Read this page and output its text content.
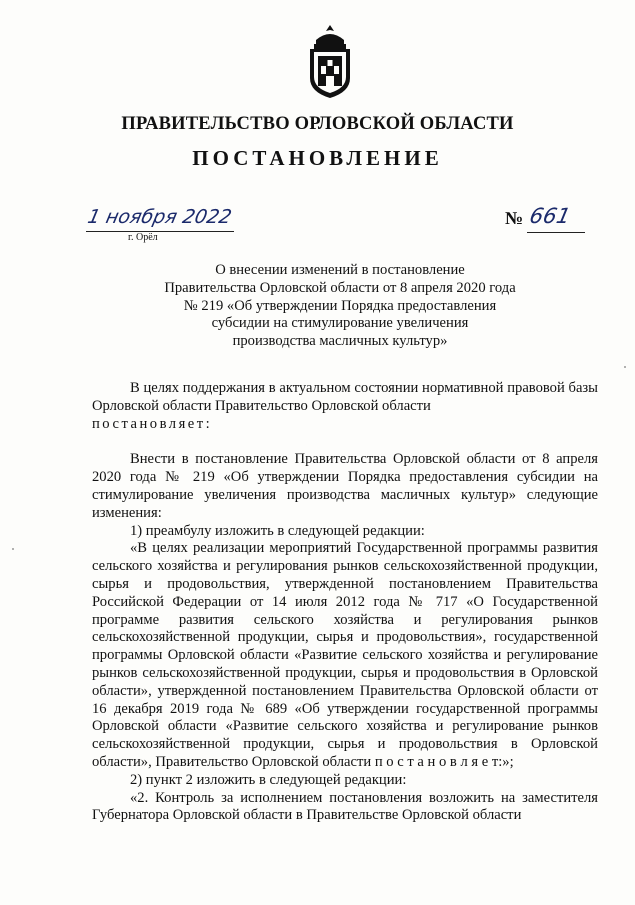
ПРАВИТЕЛЬСТВО ОРЛОВСКОЙ ОБЛАСТИ
ПОСТАНОВЛЕНИЕ
1 ноября 2022
г. Орёл
№ 661
О внесении изменений в постановление
Правительства Орловской области от 8 апреля 2020 года
№ 219 «Об утверждении Порядка предоставления
субсидии на стимулирование увеличения
производства масличных культур»

В целях поддержания в актуальном состоянии нормативной правовой базы Орловской области Правительство Орловской области
постановляет:

Внести в постановление Правительства Орловской области от 8 апреля 2020 года № 219 «Об утверждении Порядка предоставления субсидии на стимулирование увеличения производства масличных культур» следующие изменения:

1) преамбулу изложить в следующей редакции:

«В целях реализации мероприятий Государственной программы развития сельского хозяйства и регулирования рынков сельскохозяйственной продукции, сырья и продовольствия, утвержденной постановлением Правительства Российской Федерации от 14 июля 2012 года № 717 «О Государственной программе развития сельского хозяйства и регулирования рынков сельскохозяйственной продукции, сырья и продовольствия», государственной программы Орловской области «Развитие сельского хозяйства и регулирование рынков сельскохозяйственной продукции, сырья и продовольствия в Орловской области», утвержденной постановлением Правительства Орловской области от 16 декабря 2019 года № 689 «Об утверждении государственной программы Орловской области «Развитие сельского хозяйства и регулирование рынков сельскохозяйственной продукции, сырья и продовольствия в Орловской области», Правительство Орловской области п о с т а н о в л я е т:»;

2) пункт 2 изложить в следующей редакции:

«2. Контроль за исполнением постановления возложить на заместителя Губернатора Орловской области в Правительстве Орловской области
